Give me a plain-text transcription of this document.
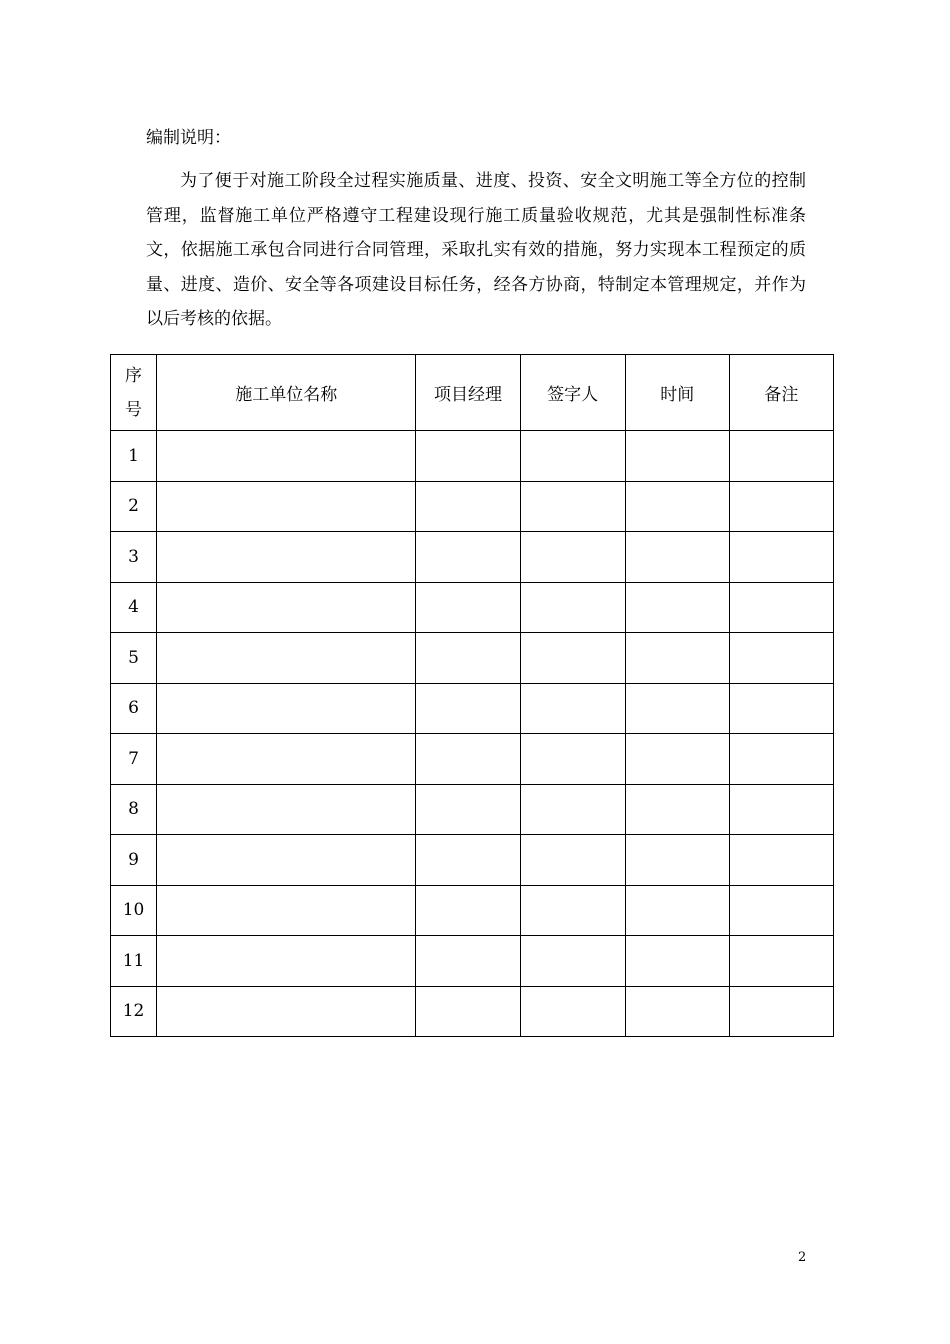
编制说明：

为了便于对施工阶段全过程实施质量、进度、投资、安全文明施工等全方位的控制管理，监督施工单位严格遵守工程建设现行施工质量验收规范，尤其是强制性标准条文，依据施工承包合同进行合同管理，采取扎实有效的措施，努力实现本工程预定的质量、进度、造价、安全等各项建设目标任务，经各方协商，特制定本管理规定，并作为以后考核的依据。

序
号	施工单位名称	项目经理	签字人	时间	备注
1					
2					
3					
4					
5					
6					
7					
8					
9					
10					
11					
12					
2
